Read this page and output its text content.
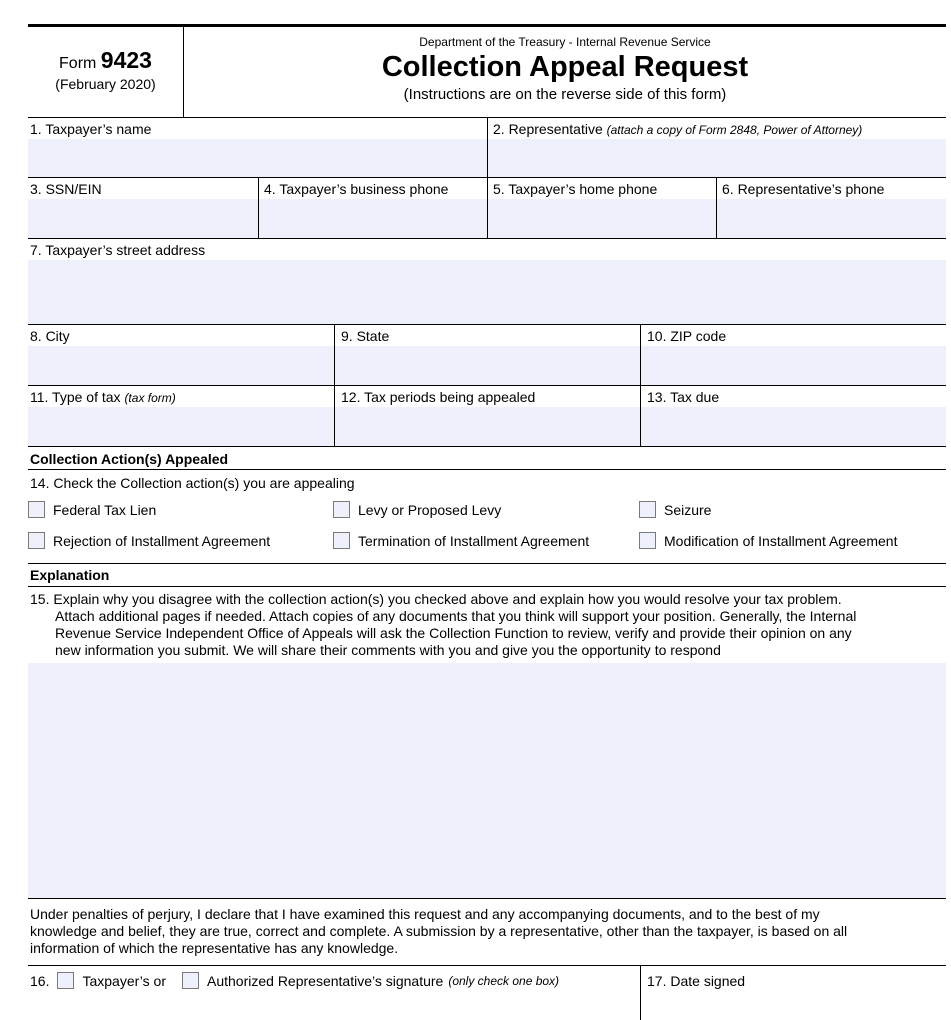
Form 9423
(February 2020)
Department of the Treasury - Internal Revenue Service
Collection Appeal Request
(Instructions are on the reverse side of this form)
1. Taxpayer’s name	2. Representative (attach a copy of Form 2848, Power of Attorney)
3. SSN/EIN	4. Taxpayer’s business phone	5. Taxpayer’s home phone	6. Representative’s phone
7. Taxpayer’s street address
8. City	9. State	10. ZIP code
11. Type of tax (tax form)	12. Tax periods being appealed	13. Tax due
Collection Action(s) Appealed
14. Check the Collection action(s) you are appealing
Federal Tax Lien	Levy or Proposed Levy	Seizure
Rejection of Installment Agreement	Termination of Installment Agreement	Modification of Installment Agreement
Explanation
15. Explain why you disagree with the collection action(s) you checked above and explain how you would resolve your tax problem.
Attach additional pages if needed. Attach copies of any documents that you think will support your position. Generally, the Internal
Revenue Service Independent Office of Appeals will ask the Collection Function to review, verify and provide their opinion on any
new information you submit. We will share their comments with you and give you the opportunity to respond
Under penalties of perjury, I declare that I have examined this request and any accompanying documents, and to the best of my
knowledge and belief, they are true, correct and complete. A submission by a representative, other than the taxpayer, is based on all
information of which the representative has any knowledge.
16. Taxpayer’s or	Authorized Representative’s signature (only check one box)	17. Date signed
